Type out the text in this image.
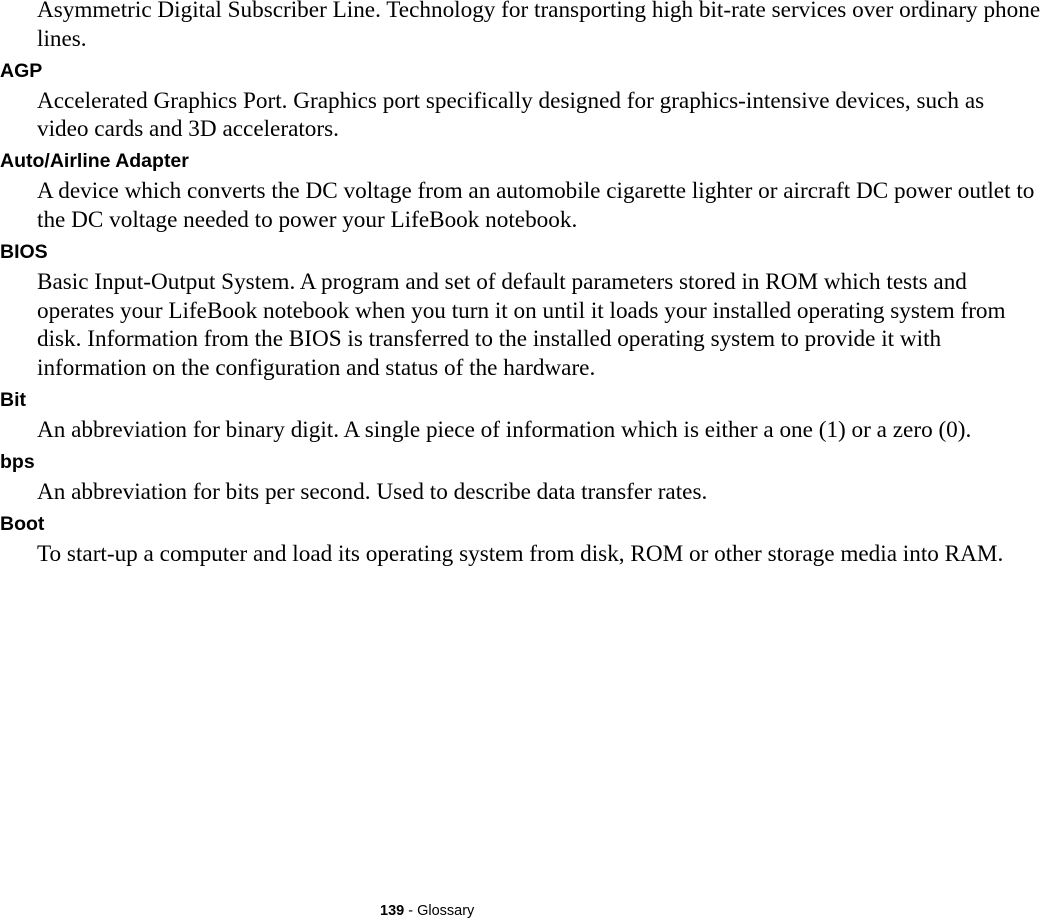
Asymmetric Digital Subscriber Line. Technology for transporting high bit-rate services over ordinary phone lines.

AGP

Accelerated Graphics Port. Graphics port specifically designed for graphics-intensive devices, such as video cards and 3D accelerators.

Auto/Airline Adapter

A device which converts the DC voltage from an automobile cigarette lighter or aircraft DC power outlet to the DC voltage needed to power your LifeBook notebook.

BIOS

Basic Input-Output System. A program and set of default parameters stored in ROM which tests and operates your LifeBook notebook when you turn it on until it loads your installed operating system from disk. Information from the BIOS is transferred to the installed operating system to provide it with information on the configuration and status of the hardware.

Bit

An abbreviation for binary digit. A single piece of information which is either a one (1) or a zero (0).

bps

An abbreviation for bits per second. Used to describe data transfer rates.

Boot

To start-up a computer and load its operating system from disk, ROM or other storage media into RAM.

139 - Glossary
